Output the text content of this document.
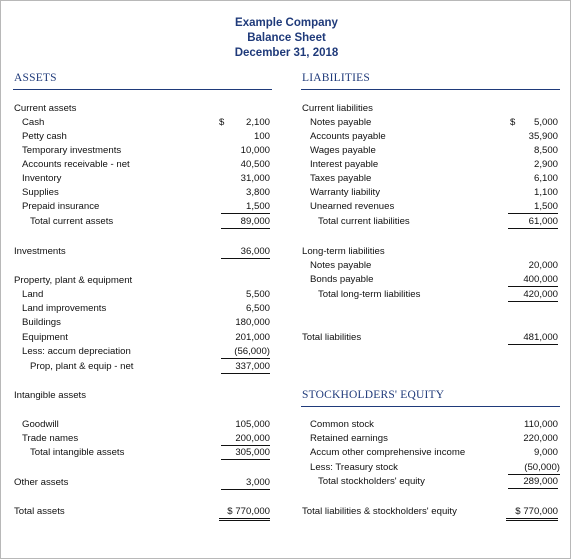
Example Company
Balance Sheet
December 31, 2018
ASSETS	LIABILITIES
Current assets
Cash	$	2,100
Petty cash	100
Temporary investments	10,000
Accounts receivable - net	40,500
Inventory	31,000
Supplies	3,800
Prepaid insurance	1,500
Total current assets	89,000
Investments	36,000
Property, plant & equipment
Land	5,500
Land improvements	6,500
Buildings	180,000
Equipment	201,000
Less: accum depreciation	(56,000)
Prop, plant & equip - net	337,000
Intangible assets
Goodwill	105,000
Trade names	200,000
Total intangible assets	305,000
Other assets	3,000
Total assets	$ 770,000
Current liabilities
Notes payable	$	5,000
Accounts payable	35,900
Wages payable	8,500
Interest payable	2,900
Taxes payable	6,100
Warranty liability	1,100
Unearned revenues	1,500
Total current liabilities	61,000
Long-term liabilities
Notes payable	20,000
Bonds payable	400,000
Total long-term liabilities	420,000
Total liabilities	481,000
STOCKHOLDERS' EQUITY
Common stock	110,000
Retained earnings	220,000
Accum other comprehensive income	9,000
Less: Treasury stock	(50,000)
Total stockholders' equity	289,000
Total liabilities & stockholders' equity	$ 770,000
